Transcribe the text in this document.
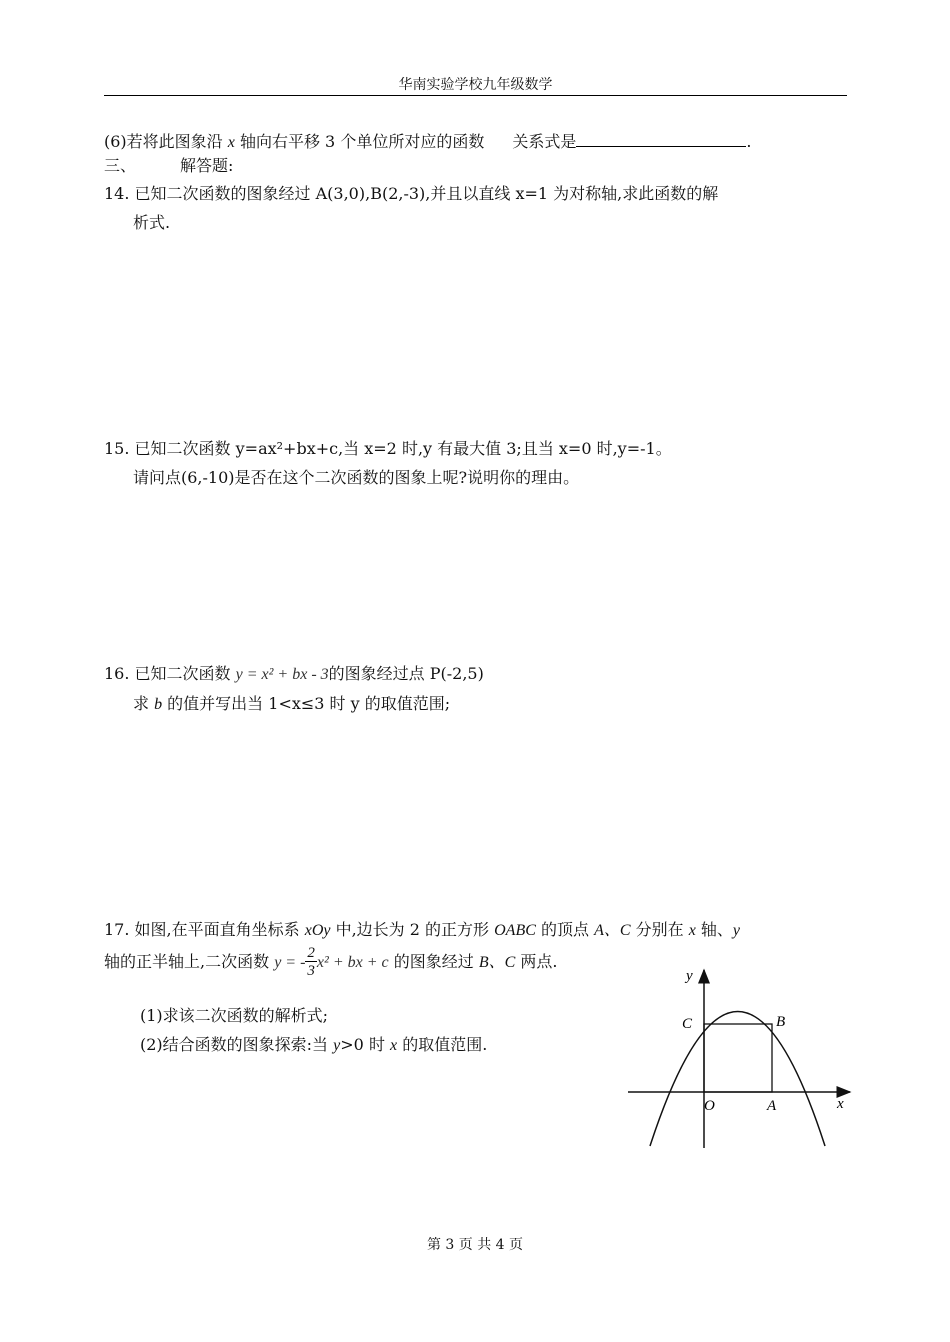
华南实验学校九年级数学
(6)若将此图象沿 x 轴向右平移 3 个单位所对应的函数 关系式是	.
三、	解答题:
14. 已知二次函数的图象经过 A(3,0),B(2,-3),并且以直线 x=1 为对称轴,求此函数的解
析式.
15. 已知二次函数 y=ax²+bx+c,当 x=2 时,y 有最大值 3;且当 x=0 时,y=-1。
请问点(6,-10)是否在这个二次函数的图象上呢?说明你的理由。
16. 已知二次函数 y = x² + bx - 3的图象经过点 P(-2,5)
求 b 的值并写出当 1<x≤3 时 y 的取值范围;
17. 如图,在平面直角坐标系 xOy 中,边长为 2 的正方形 OABC 的顶点 A、C 分别在 x 轴、y
轴的正半轴上,二次函数 y = - $\frac{2}{3} x^2$ + bx + c 的图象经过 B、C 两点.
(1)求该二次函数的解析式;
(2)结合函数的图象探索:当 y>0 时 x 的取值范围.
y
x
O	A
B
C
第 3 页 共 4 页
